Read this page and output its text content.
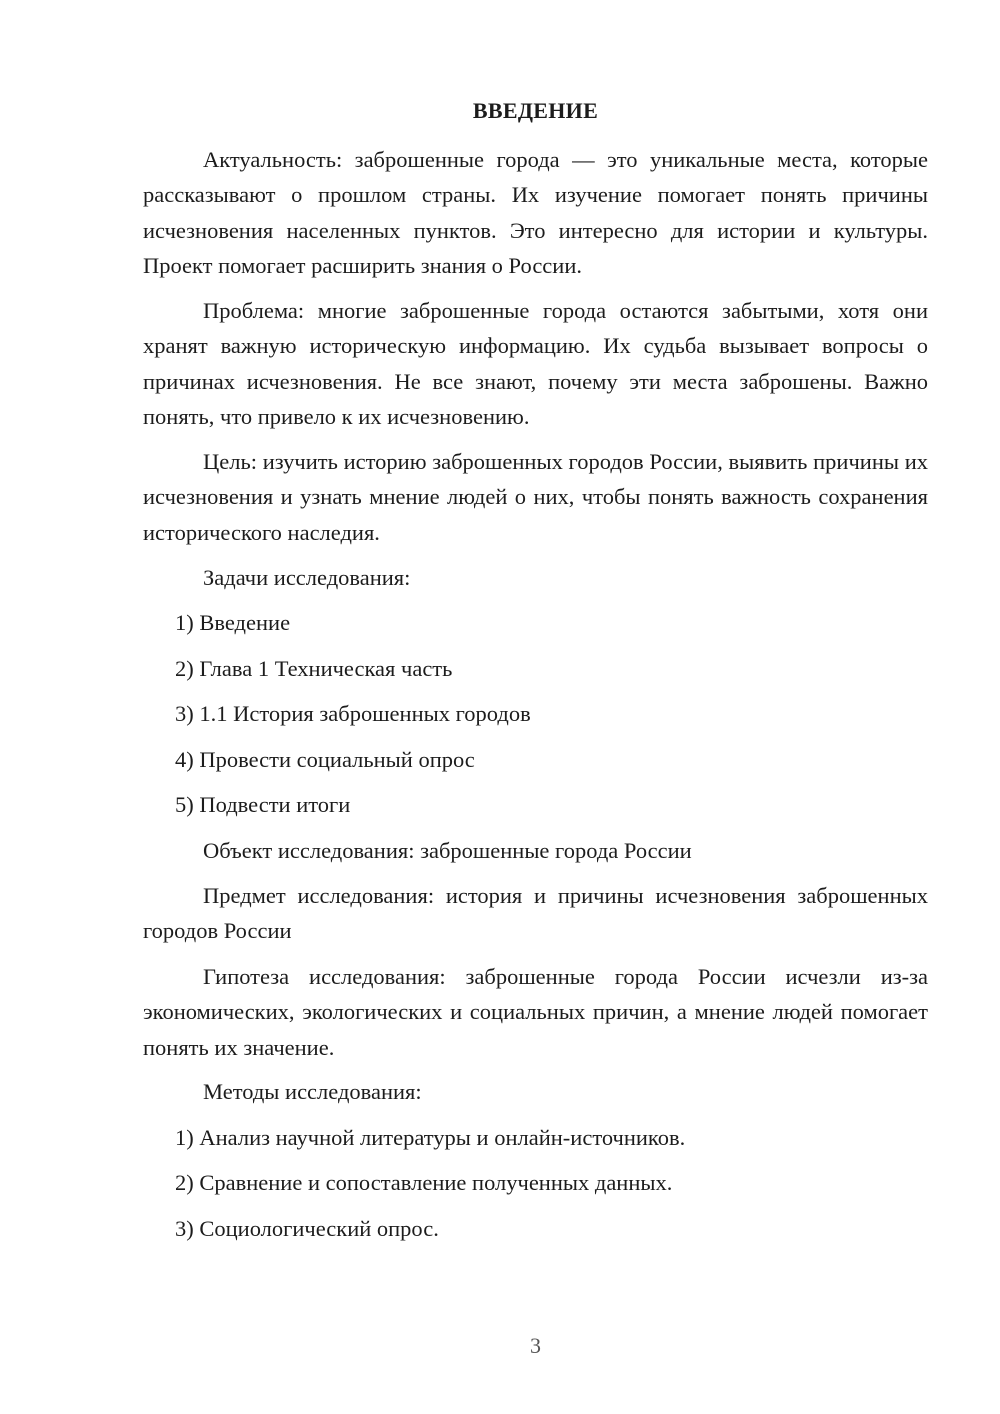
ВВЕДЕНИЕ

Актуальность: заброшенные города — это уникальные места, которые рассказывают о прошлом страны. Их изучение помогает понять причины исчезновения населенных пунктов. Это интересно для истории и культуры. Проект помогает расширить знания о России.

Проблема: многие заброшенные города остаются забытыми, хотя они хранят важную историческую информацию. Их судьба вызывает вопросы о причинах исчезновения. Не все знают, почему эти места заброшены. Важно понять, что привело к их исчезновению.

Цель: изучить историю заброшенных городов России, выявить причины их исчезновения и узнать мнение людей о них, чтобы понять важность сохранения исторического наследия.

Задачи исследования:

1) Введение

2) Глава 1 Техническая часть

3) 1.1 История заброшенных городов

4) Провести социальный опрос

5) Подвести итоги

Объект исследования: заброшенные города России

Предмет исследования: история и причины исчезновения заброшенных городов России

Гипотеза исследования: заброшенные города России исчезли из-за экономических, экологических и социальных причин, а мнение людей помогает понять их значение.

Методы исследования:

1) Анализ научной литературы и онлайн-источников.

2) Сравнение и сопоставление полученных данных.

3) Социологический опрос.

3
